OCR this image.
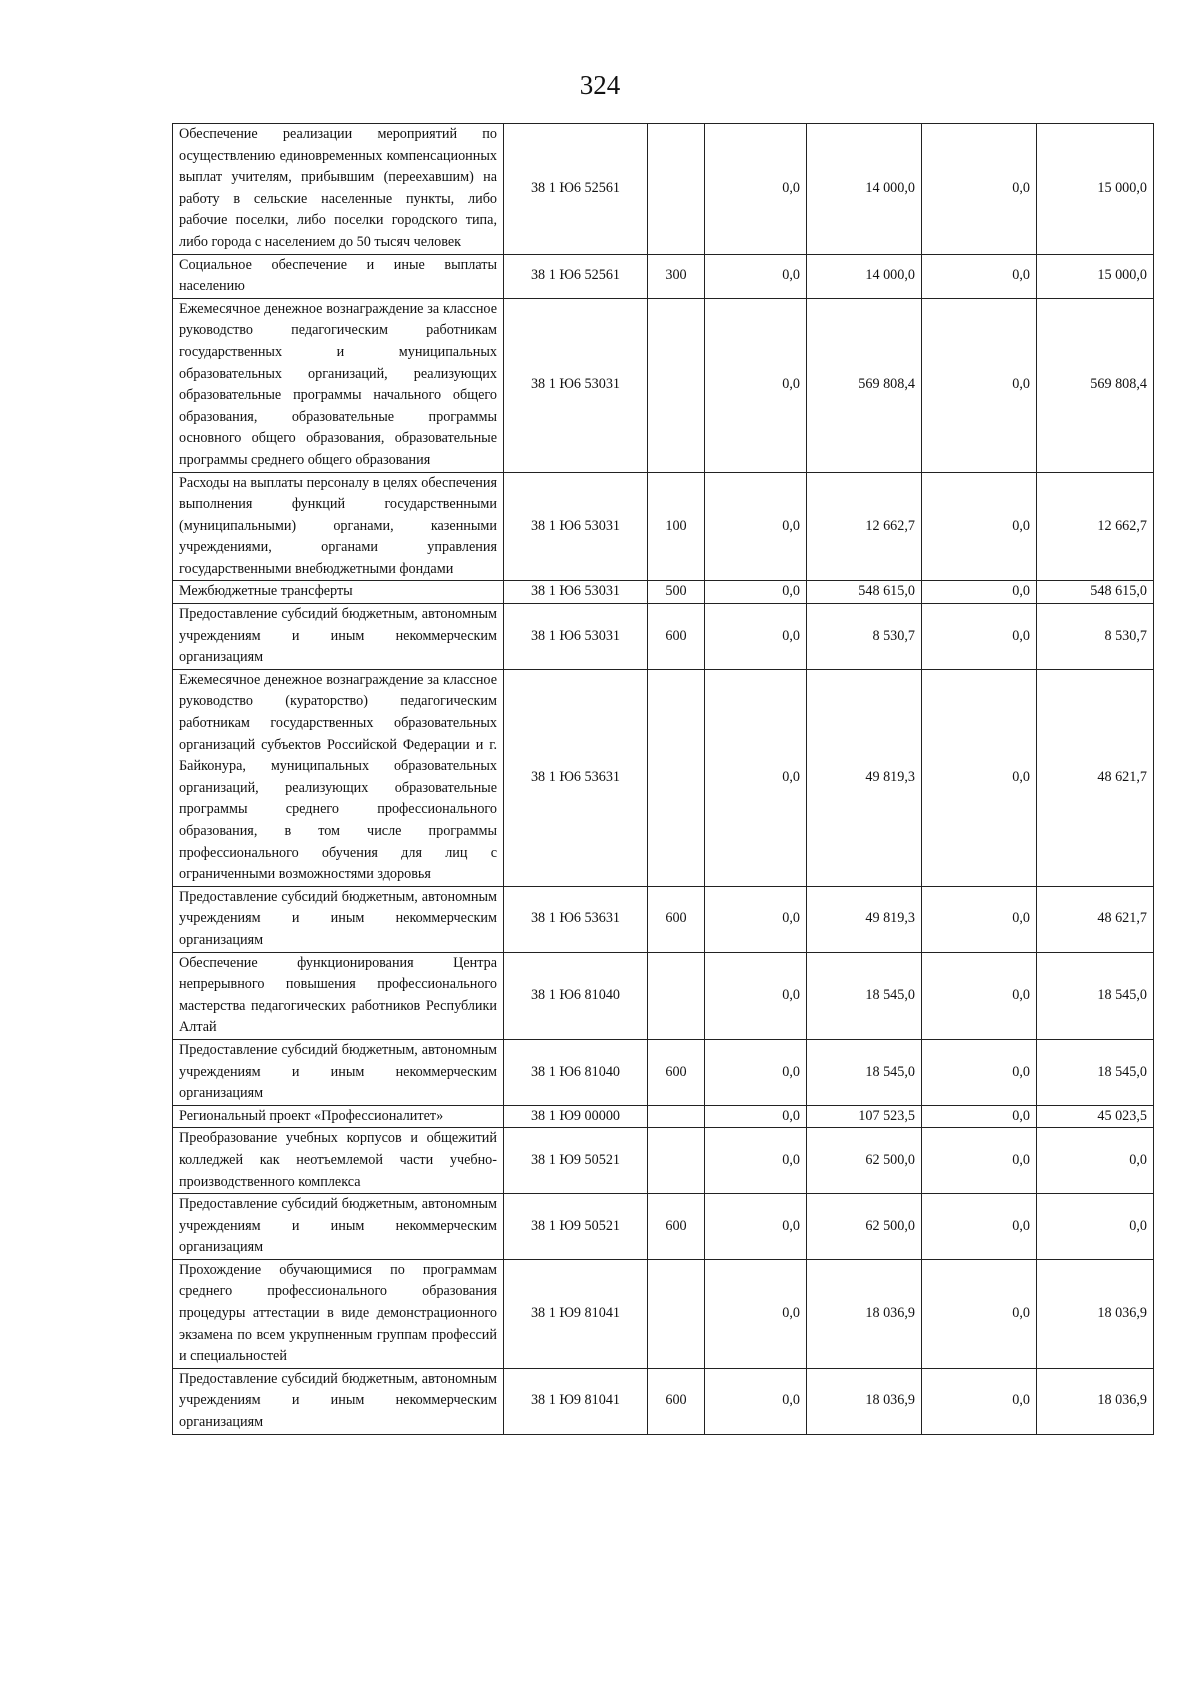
324
Обеспечение реализации мероприятий по осуществлению единовременных компенсационных выплат учителям, прибывшим (переехавшим) на работу в сельские населенные пункты, либо рабочие поселки, либо поселки городского типа, либо города с населением до 50 тысяч человек	38 1 Ю6 52561		0,0	14 000,0	0,0	15 000,0
Социальное обеспечение и иные выплаты населению	38 1 Ю6 52561	300	0,0	14 000,0	0,0	15 000,0
Ежемесячное денежное вознаграждение за классное руководство педагогическим работникам государственных и муниципальных образовательных организаций, реализующих образовательные программы начального общего образования, образовательные программы основного общего образования, образовательные программы среднего общего образования	38 1 Ю6 53031		0,0	569 808,4	0,0	569 808,4
Расходы на выплаты персоналу в целях обеспечения выполнения функций государственными (муниципальными) органами, казенными учреждениями, органами управления государственными внебюджетными фондами	38 1 Ю6 53031	100	0,0	12 662,7	0,0	12 662,7
Межбюджетные трансферты	38 1 Ю6 53031	500	0,0	548 615,0	0,0	548 615,0
Предоставление субсидий бюджетным, автономным учреждениям и иным некоммерческим организациям	38 1 Ю6 53031	600	0,0	8 530,7	0,0	8 530,7
Ежемесячное денежное вознаграждение за классное руководство (кураторство) педагогическим работникам государственных образовательных организаций субъектов Российской Федерации и г. Байконура, муниципальных образовательных организаций, реализующих образовательные программы среднего профессионального образования, в том числе программы профессионального обучения для лиц с ограниченными возможностями здоровья	38 1 Ю6 53631		0,0	49 819,3	0,0	48 621,7
Предоставление субсидий бюджетным, автономным учреждениям и иным некоммерческим организациям	38 1 Ю6 53631	600	0,0	49 819,3	0,0	48 621,7
Обеспечение функционирования Центра непрерывного повышения профессионального мастерства педагогических работников Республики Алтай	38 1 Ю6 81040		0,0	18 545,0	0,0	18 545,0
Предоставление субсидий бюджетным, автономным учреждениям и иным некоммерческим организациям	38 1 Ю6 81040	600	0,0	18 545,0	0,0	18 545,0
Региональный проект «Профессионалитет»	38 1 Ю9 00000		0,0	107 523,5	0,0	45 023,5
Преобразование учебных корпусов и общежитий колледжей как неотъемлемой части учебно-производственного комплекса	38 1 Ю9 50521		0,0	62 500,0	0,0	0,0
Предоставление субсидий бюджетным, автономным учреждениям и иным некоммерческим организациям	38 1 Ю9 50521	600	0,0	62 500,0	0,0	0,0
Прохождение обучающимися по программам среднего профессионального образования процедуры аттестации в виде демонстрационного экзамена по всем укрупненным группам профессий и специальностей	38 1 Ю9 81041		0,0	18 036,9	0,0	18 036,9
Предоставление субсидий бюджетным, автономным учреждениям и иным некоммерческим организациям	38 1 Ю9 81041	600	0,0	18 036,9	0,0	18 036,9
